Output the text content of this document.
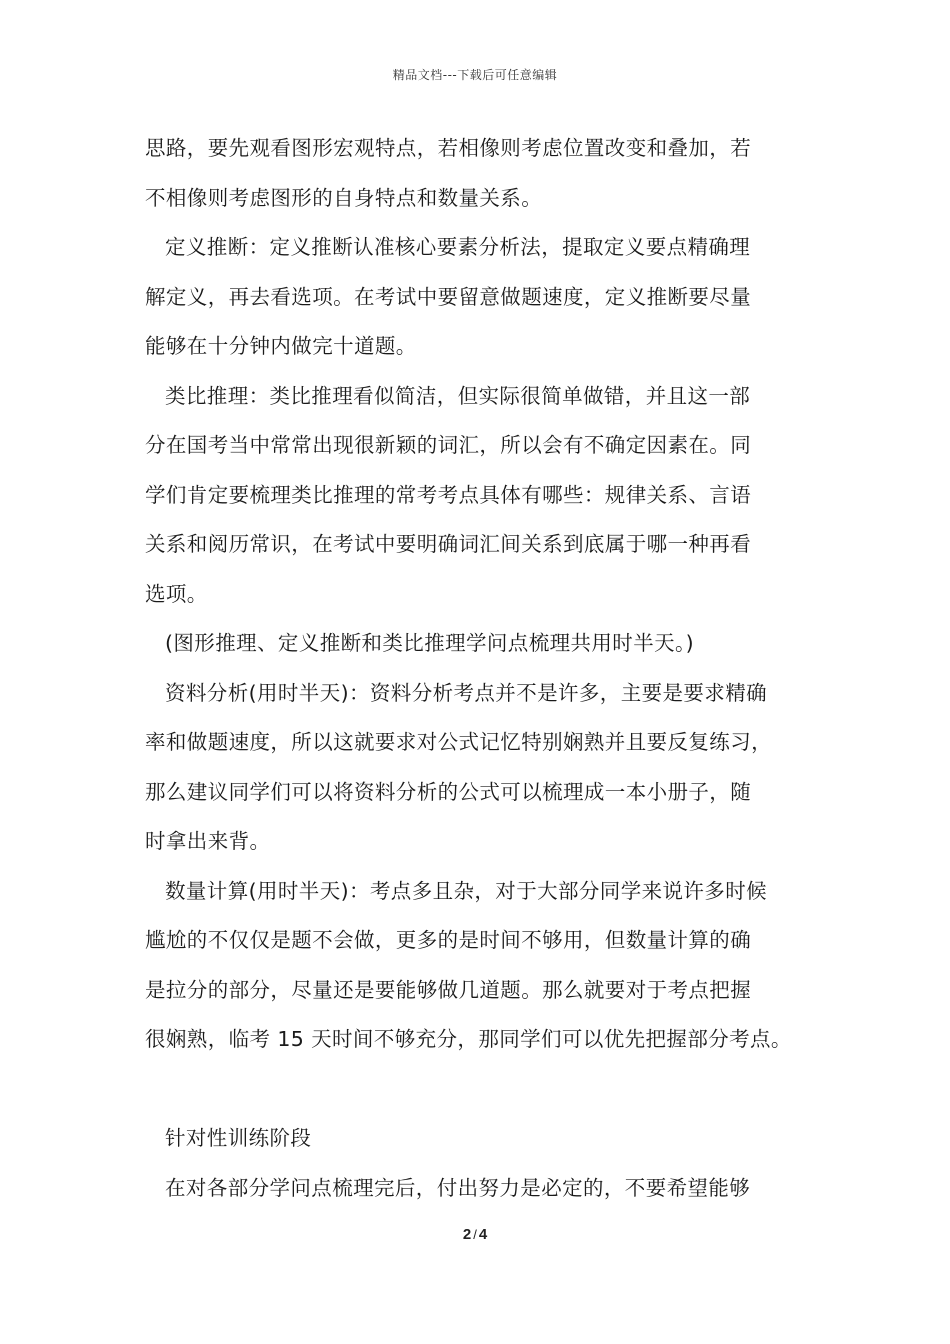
精品文档---下载后可任意编辑
思路，要先观看图形宏观特点，若相像则考虑位置改变和叠加，若
不相像则考虑图形的自身特点和数量关系。
定义推断：定义推断认准核心要素分析法，提取定义要点精确理
解定义，再去看选项。在考试中要留意做题速度，定义推断要尽量
能够在十分钟内做完十道题。
类比推理：类比推理看似简洁，但实际很简单做错，并且这一部
分在国考当中常常出现很新颖的词汇，所以会有不确定因素在。同
学们肯定要梳理类比推理的常考考点具体有哪些：规律关系、言语
关系和阅历常识，在考试中要明确词汇间关系到底属于哪一种再看
选项。
(图形推理、定义推断和类比推理学问点梳理共用时半天。)
资料分析(用时半天)：资料分析考点并不是许多，主要是要求精确
率和做题速度，所以这就要求对公式记忆特别娴熟并且要反复练习，
那么建议同学们可以将资料分析的公式可以梳理成一本小册子，随
时拿出来背。
数量计算(用时半天)：考点多且杂，对于大部分同学来说许多时候
尴尬的不仅仅是题不会做，更多的是时间不够用，但数量计算的确
是拉分的部分，尽量还是要能够做几道题。那么就要对于考点把握
很娴熟，临考 15 天时间不够充分，那同学们可以优先把握部分考点。
针对性训练阶段
在对各部分学问点梳理完后，付出努力是必定的，不要希望能够
2 / 4
